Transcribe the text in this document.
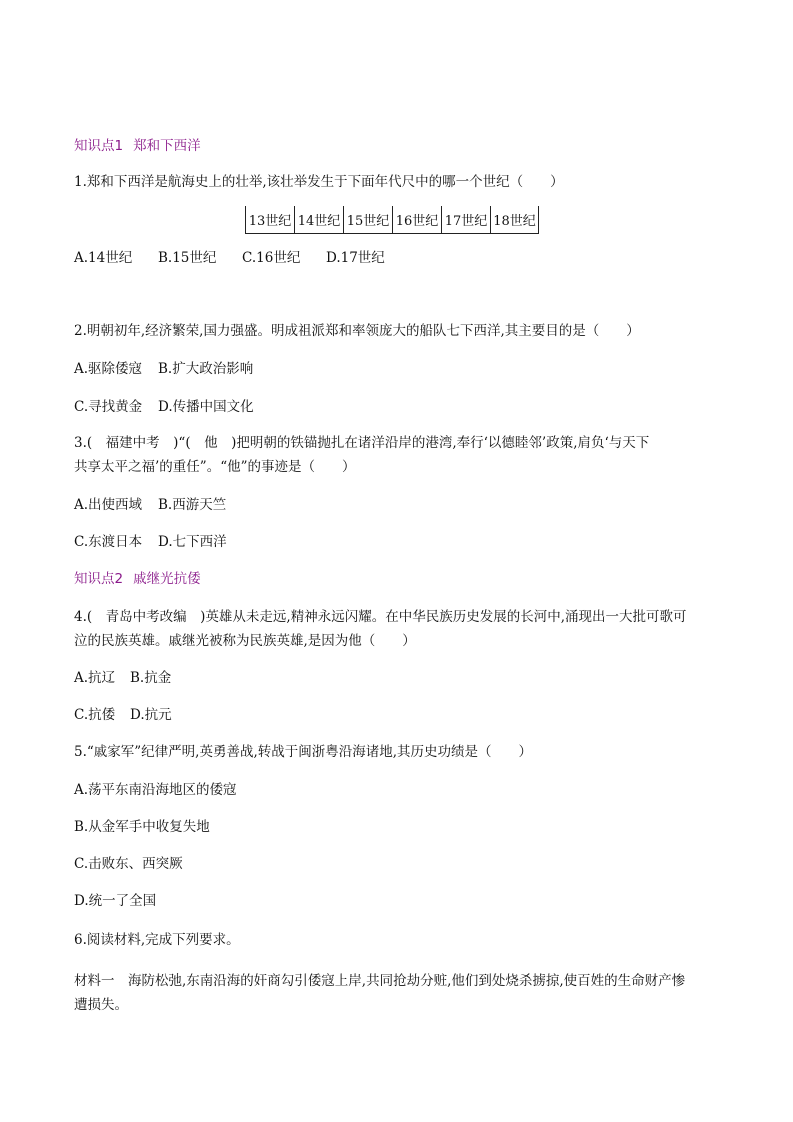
知识点1 郑和下西洋
1.郑和下西洋是航海史上的壮举,该壮举发生于下面年代尺中的哪一个世纪（　　）
13世纪 14世纪 15世纪 16世纪 17世纪 18世纪
A.14世纪 B.15世纪 C.16世纪 D.17世纪
2.明朝初年,经济繁荣,国力强盛。明成祖派郑和率领庞大的船队七下西洋,其主要目的是（　　）
A.驱除倭寇 B.扩大政治影响
C.寻找黄金 D.传播中国文化
3.(　福建中考　)“(　他　)把明朝的铁锚抛扎在诸洋沿岸的港湾,奉行‘以德睦邻’政策,肩负‘与天下
共享太平之福’的重任”。“他”的事迹是（　　）
A.出使西域 B.西游天竺
C.东渡日本 D.七下西洋
知识点2 戚继光抗倭
4.(　青岛中考改编　)英雄从未走远,精神永远闪耀。在中华民族历史发展的长河中,涌现出一大批可歌可
泣的民族英雄。戚继光被称为民族英雄,是因为他（　　）
A.抗辽 B.抗金
C.抗倭 D.抗元
5.“戚家军”纪律严明,英勇善战,转战于闽浙粤沿海诸地,其历史功绩是（　　）
A.荡平东南沿海地区的倭寇
B.从金军手中收复失地
C.击败东、西突厥
D.统一了全国
6.阅读材料,完成下列要求。
材料一　海防松弛,东南沿海的奸商勾引倭寇上岸,共同抢劫分赃,他们到处烧杀掳掠,使百姓的生命财产惨
遭损失。
